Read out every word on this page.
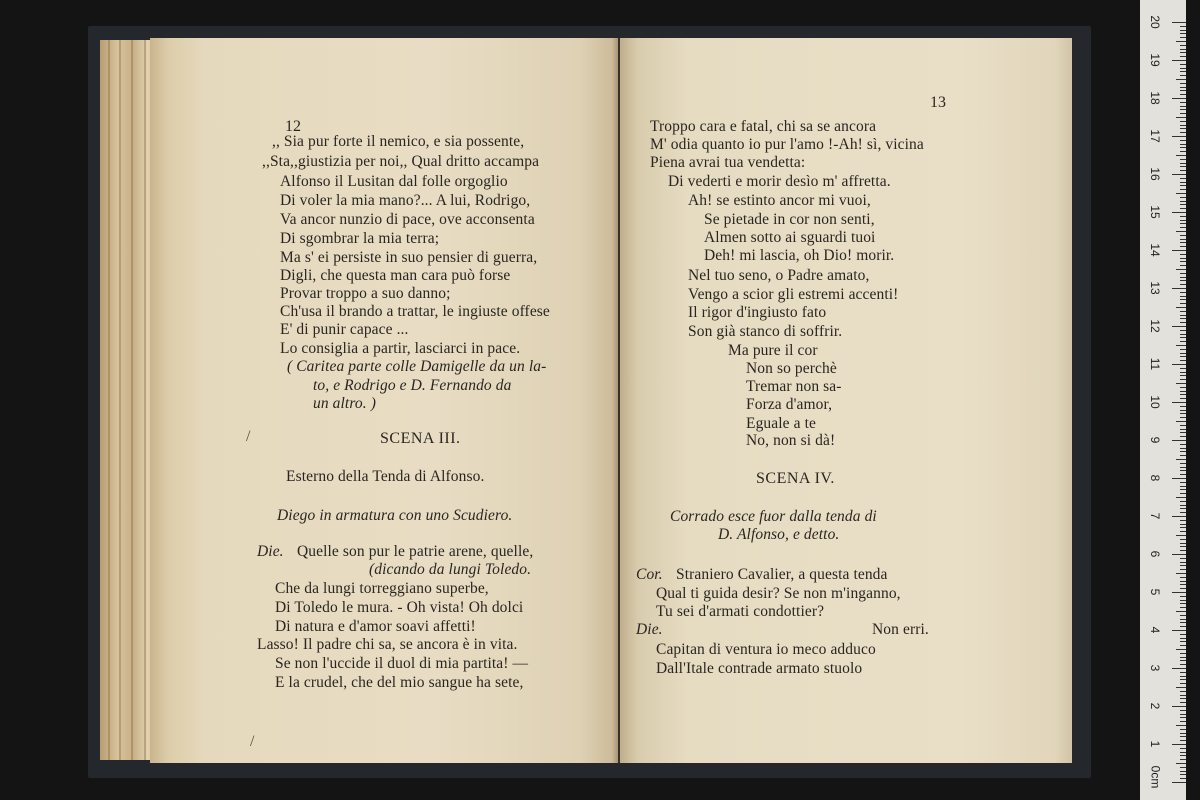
12
,, Sia pur forte il nemico, e sia possente,
,,Sta,,giustizia per noi,, Qual dritto accampa
Alfonso il Lusitan dal folle orgoglio
Di voler la mia mano?... A lui, Rodrigo,
Va ancor nunzio di pace, ove acconsenta
Di sgombrar la mia terra;
Ma s' ei persiste in suo pensier di guerra,
Digli, che questa man cara può forse
Provar troppo a suo danno;
Ch'usa il brando a trattar, le ingiuste offese
E' di punir capace ...
Lo consiglia a partir, lasciarci in pace.
( Caritea parte colle Damigelle da un la-
to, e Rodrigo e D. Fernando da
un altro. )
/	SCENA III.
Esterno della Tenda di Alfonso.
Diego in armatura con uno Scudiero.
Die. Quelle son pur le patrie arene, quelle,
(dicando da lungi Toledo.
Che da lungi torreggiano superbe,
Di Toledo le mura. - Oh vista! Oh dolci
Di natura e d'amor soavi affetti!
Lasso! Il padre chi sa, se ancora è in vita.
Se non l'uccide il duol di mia partita! —
E la crudel, che del mio sangue ha sete,
/
13
Troppo cara e fatal, chi sa se ancora
M' odia quanto io pur l'amo !-Ah! sì, vicina
Piena avrai tua vendetta:
Di vederti e morir desìo m' affretta.
Ah! se estinto ancor mi vuoi,
Se pietade in cor non senti,
Almen sotto ai sguardi tuoi
Deh! mi lascia, oh Dio! morir.
Nel tuo seno, o Padre amato,
Vengo a scior gli estremi accenti!
Il rigor d'ingiusto fato
Son già stanco di soffrir.
Ma pure il cor
Non so perchè
Tremar non sa-
Forza d'amor,
Eguale a te
No, non si dà!
SCENA IV.
Corrado esce fuor dalla tenda di
D. Alfonso, e detto.
Cor. Straniero Cavalier, a questa tenda
Qual ti guida desir? Se non m'inganno,
Tu sei d'armati condottier?
Die.	Non erri.
Capitan di ventura io meco adduco
Dall'Itale contrade armato stuolo
0cm
1
2
3
4
5
6
7
8
9
10
11
12
13
14
15
16
17
18
19
20
